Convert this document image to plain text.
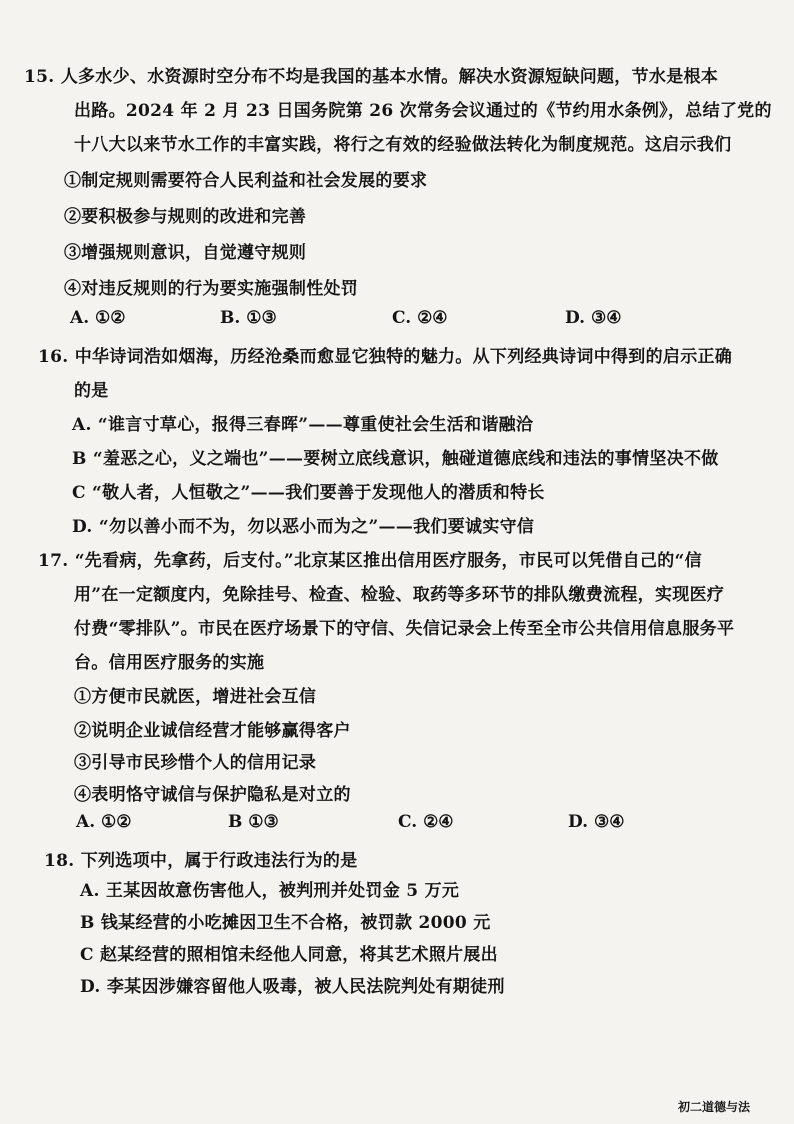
15. 人多水少、水资源时空分布不均是我国的基本水情。解决水资源短缺问题，节水是根本
出路。2024 年 2 月 23 日国务院第 26 次常务会议通过的《节约用水条例》，总结了党的
十八大以来节水工作的丰富实践，将行之有效的经验做法转化为制度规范。这启示我们
①制定规则需要符合人民利益和社会发展的要求
②要积极参与规则的改进和完善
③增强规则意识，自觉遵守规则
④对违反规则的行为要实施强制性处罚
A. ①②	B. ①③	C. ②④	D. ③④
16. 中华诗词浩如烟海，历经沧桑而愈显它独特的魅力。从下列经典诗词中得到的启示正确
的是
A. “谁言寸草心，报得三春晖”——尊重使社会生活和谐融洽
B “羞恶之心，义之端也”——要树立底线意识，触碰道德底线和违法的事情坚决不做
C “敬人者，人恒敬之”——我们要善于发现他人的潜质和特长
D. “勿以善小而不为，勿以恶小而为之”——我们要诚实守信
17. “先看病，先拿药，后支付。”北京某区推出信用医疗服务，市民可以凭借自己的“信
用”在一定额度内，免除挂号、检查、检验、取药等多环节的排队缴费流程，实现医疗
付费“零排队”。市民在医疗场景下的守信、失信记录会上传至全市公共信用信息服务平
台。信用医疗服务的实施
①方便市民就医，增进社会互信
②说明企业诚信经营才能够赢得客户
③引导市民珍惜个人的信用记录
④表明恪守诚信与保护隐私是对立的
A. ①②	B ①③	C. ②④	D. ③④
18. 下列选项中，属于行政违法行为的是
A. 王某因故意伤害他人，被判刑并处罚金 5 万元
B 钱某经营的小吃摊因卫生不合格，被罚款 2000 元
C 赵某经营的照相馆未经他人同意，将其艺术照片展出
D. 李某因涉嫌容留他人吸毒，被人民法院判处有期徒刑
初二道德与法
